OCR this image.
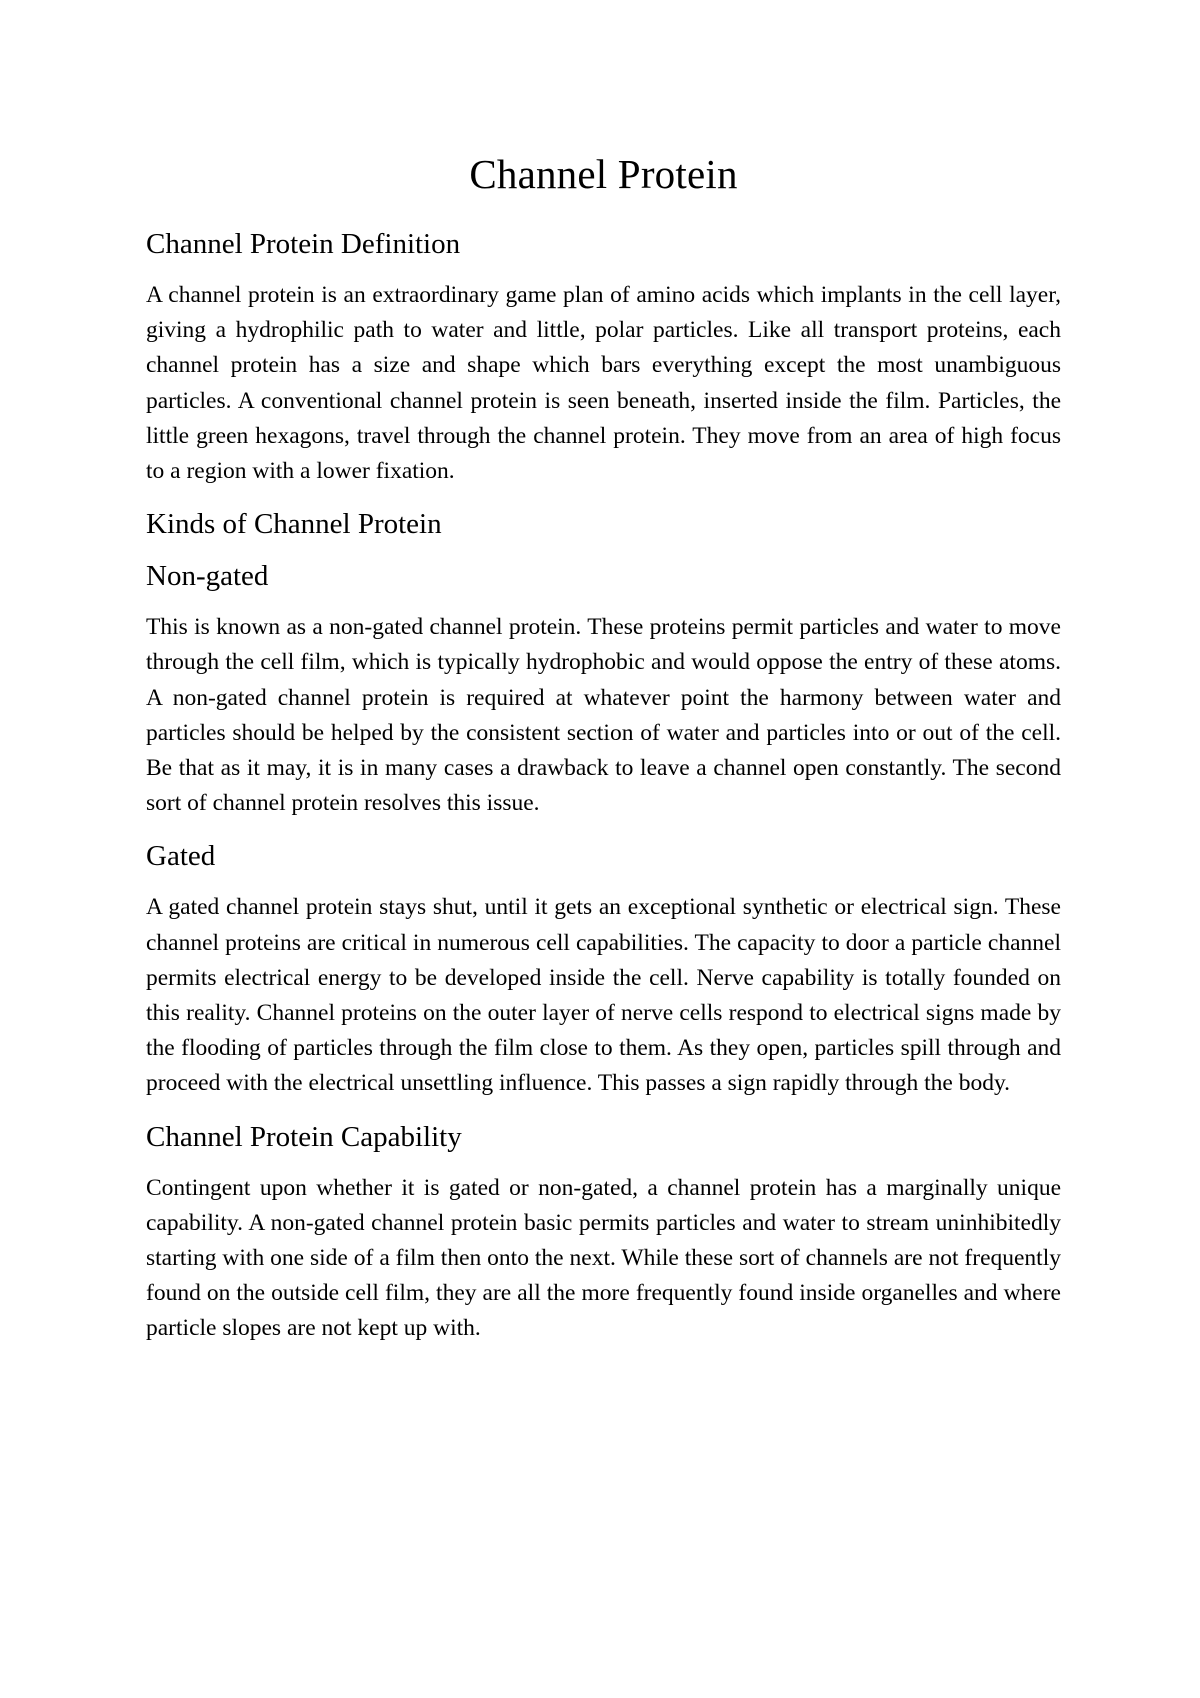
Channel Protein
Channel Protein Definition

A channel protein is an extraordinary game plan of amino acids which implants in the cell layer, giving a hydrophilic path to water and little, polar particles. Like all transport proteins, each channel protein has a size and shape which bars everything except the most unambiguous particles. A conventional channel protein is seen beneath, inserted inside the film. Particles, the little green hexagons, travel through the channel protein. They move from an area of high focus to a region with a lower fixation.

Kinds of Channel Protein
Non-gated

This is known as a non-gated channel protein. These proteins permit particles and water to move through the cell film, which is typically hydrophobic and would oppose the entry of these atoms. A non-gated channel protein is required at whatever point the harmony between water and particles should be helped by the consistent section of water and particles into or out of the cell. Be that as it may, it is in many cases a drawback to leave a channel open constantly. The second sort of channel protein resolves this issue.

Gated

A gated channel protein stays shut, until it gets an exceptional synthetic or electrical sign. These channel proteins are critical in numerous cell capabilities. The capacity to door a particle channel permits electrical energy to be developed inside the cell. Nerve capability is totally founded on this reality. Channel proteins on the outer layer of nerve cells respond to electrical signs made by the flooding of particles through the film close to them. As they open, particles spill through and proceed with the electrical unsettling influence. This passes a sign rapidly through the body.

Channel Protein Capability

Contingent upon whether it is gated or non-gated, a channel protein has a marginally unique capability. A non-gated channel protein basic permits particles and water to stream uninhibitedly starting with one side of a film then onto the next. While these sort of channels are not frequently found on the outside cell film, they are all the more frequently found inside organelles and where particle slopes are not kept up with.
